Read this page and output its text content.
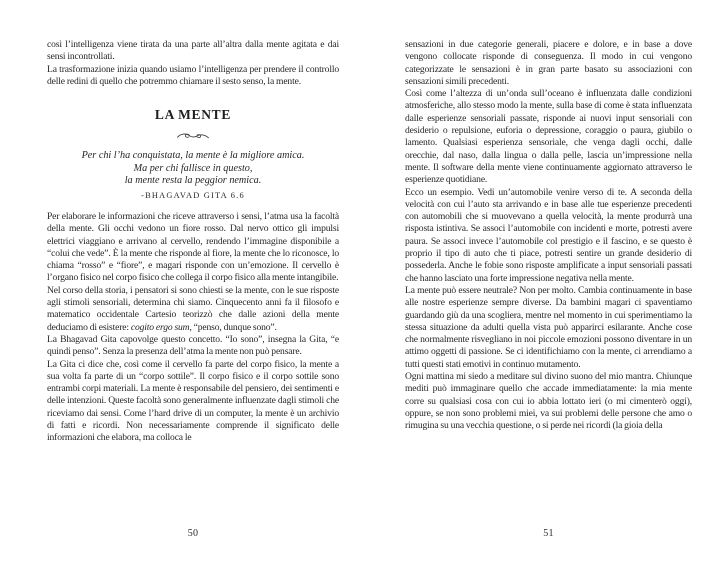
così l’intelligenza viene tirata da una parte all’altra dalla mente agitata e dai sensi incontrollati.

La trasformazione inizia quando usiamo l’intelligenza per prendere il controllo delle redini di quello che potremmo chiamare il sesto senso, la mente.

LA MENTE
Per chi l’ha conquistata, la mente è la migliore amica.
Ma per chi fallisce in questo,
la mente resta la peggior nemica.
-BHAGAVAD GITA 6.6

Per elaborare le informazioni che riceve attraverso i sensi, l’atma usa la facoltà della mente. Gli occhi vedono un fiore rosso. Dal nervo ottico gli impulsi elettrici viaggiano e arrivano al cervello, rendendo l’immagine disponibile a “colui che vede”. È la mente che risponde al fiore, la mente che lo riconosce, lo chiama “rosso” e “fiore”, e magari risponde con un’emozione. Il cervello è l’organo fisico nel corpo fisico che collega il corpo fisico alla mente intangibile.

Nel corso della storia, i pensatori si sono chiesti se la mente, con le sue risposte agli stimoli sensoriali, determina chi siamo. Cinquecento anni fa il filosofo e matematico occidentale Cartesio teorizzò che dalle azioni della mente deduciamo di esistere: cogito ergo sum, “penso, dunque sono”.

La Bhagavad Gita capovolge questo concetto. “Io sono”, insegna la Gita, “e quindi penso”. Senza la presenza dell’atma la mente non può pensare.

La Gita ci dice che, così come il cervello fa parte del corpo fisico, la mente a sua volta fa parte di un “corpo sottile”. Il corpo fisico e il corpo sottile sono entrambi corpi materiali. La mente è responsabile del pensiero, dei sentimenti e delle intenzioni. Queste facoltà sono generalmente influenzate dagli stimoli che riceviamo dai sensi. Come l’hard drive di un computer, la mente è un archivio di fatti e ricordi. Non necessariamente comprende il significato delle informazioni che elabora, ma colloca le

50

sensazioni in due categorie generali, piacere e dolore, e in base a dove vengono collocate risponde di conseguenza. Il modo in cui vengono categorizzate le sensazioni è in gran parte basato su associazioni con sensazioni simili precedenti.

Così come l’altezza di un’onda sull’oceano è influenzata dalle condizioni atmosferiche, allo stesso modo la mente, sulla base di come è stata influenzata dalle esperienze sensoriali passate, risponde ai nuovi input sensoriali con desiderio o repulsione, euforia o depressione, coraggio o paura, giubilo o lamento. Qualsiasi esperienza sensoriale, che venga dagli occhi, dalle orecchie, dal naso, dalla lingua o dalla pelle, lascia un’impressione nella mente. Il software della mente viene continuamente aggiornato attraverso le esperienze quotidiane.

Ecco un esempio. Vedi un’automobile venire verso di te. A seconda della velocità con cui l’auto sta arrivando e in base alle tue esperienze precedenti con automobili che si muovevano a quella velocità, la mente produrrà una risposta istintiva. Se associ l’automobile con incidenti e morte, potresti avere paura. Se associ invece l’automobile col prestigio e il fascino, e se questo è proprio il tipo di auto che ti piace, potresti sentire un grande desiderio di possederla. Anche le fobie sono risposte amplificate a input sensoriali passati che hanno lasciato una forte impressione negativa nella mente.

La mente può essere neutrale? Non per molto. Cambia continuamente in base alle nostre esperienze sempre diverse. Da bambini magari ci spaventiamo guardando giù da una scogliera, mentre nel momento in cui sperimentiamo la stessa situazione da adulti quella vista può apparirci esilarante. Anche cose che normalmente risvegliano in noi piccole emozioni possono diventare in un attimo oggetti di passione. Se ci identifichiamo con la mente, ci arrendiamo a tutti questi stati emotivi in continuo mutamento.

Ogni mattina mi siedo a meditare sul divino suono del mio mantra. Chiunque mediti può immaginare quello che accade immediatamente: la mia mente corre su qualsiasi cosa con cui io abbia lottato ieri (o mi cimenterò oggi), oppure, se non sono problemi miei, va sui problemi delle persone che amo o rimugina su una vecchia questione, o si perde nei ricordi (la gioia della

51
